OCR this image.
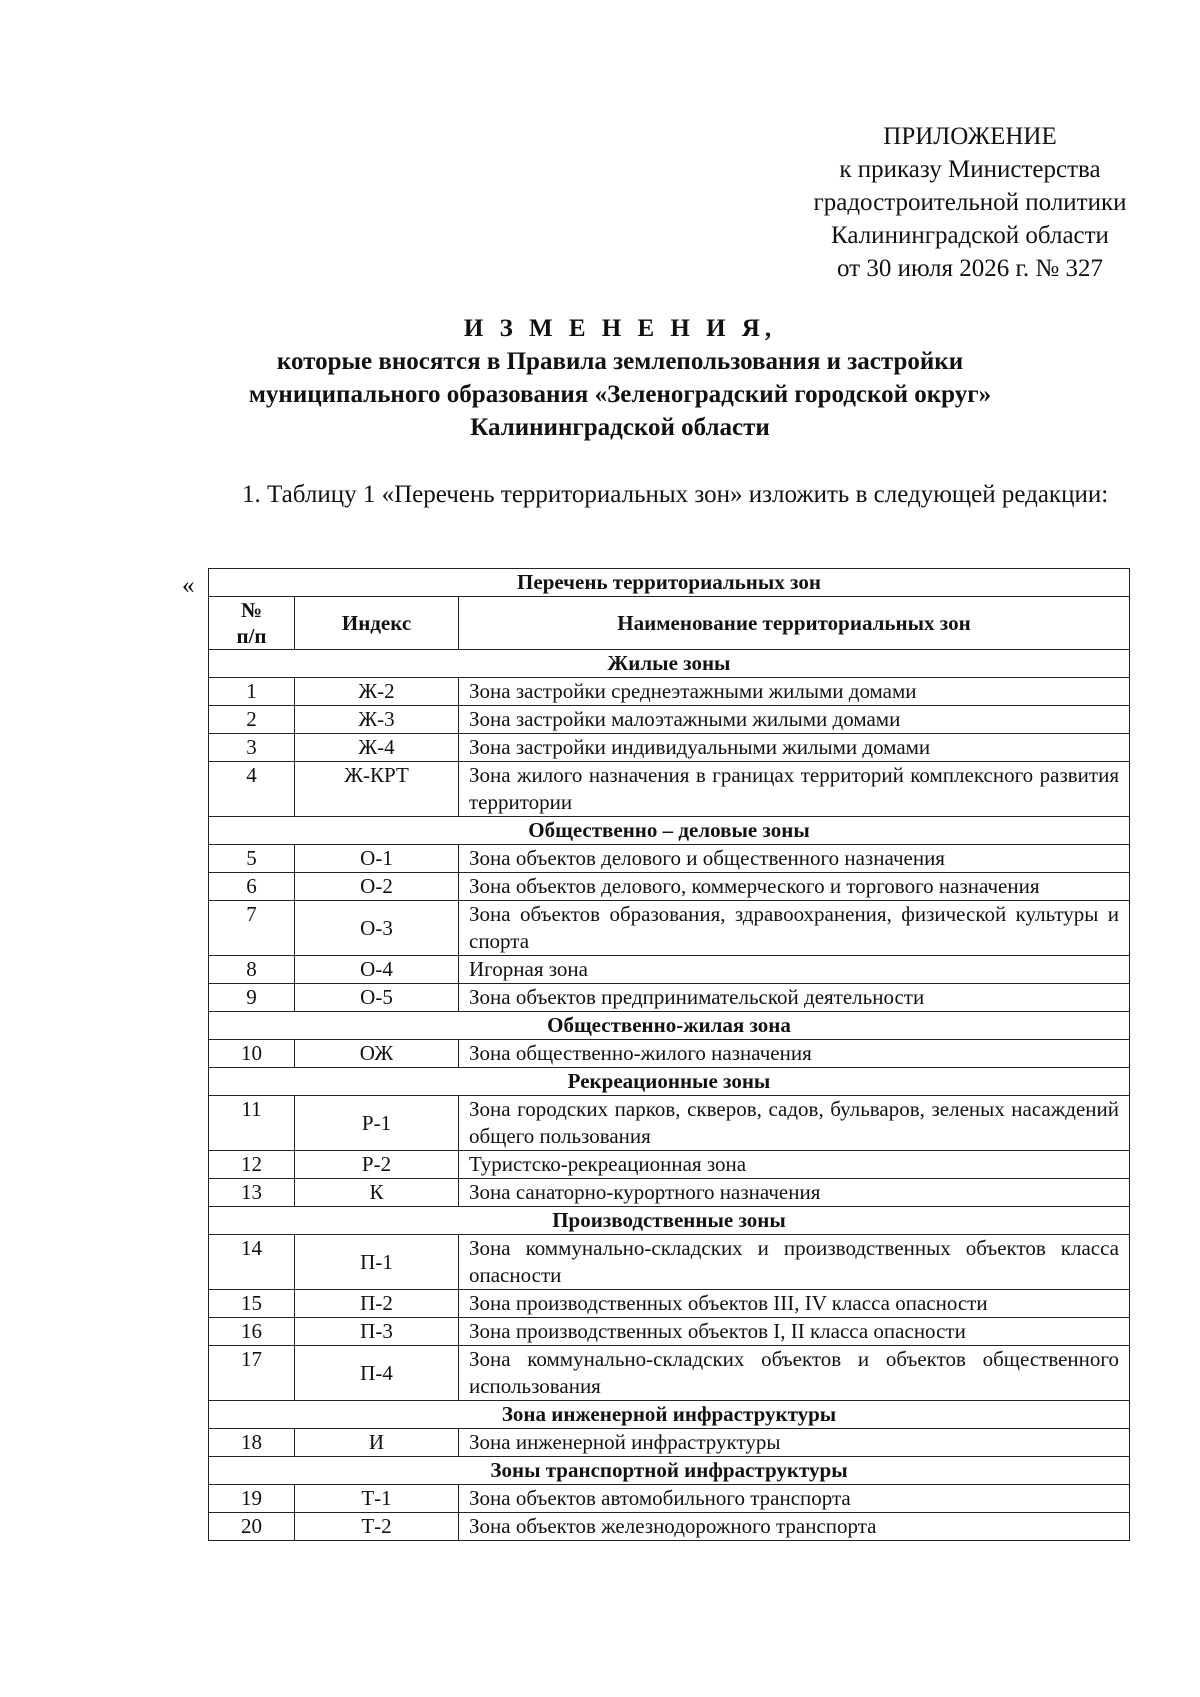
ПРИЛОЖЕНИЕ
к приказу Министерства
градостроительной политики
Калининградской области
от 30 июля 2026 г. № 327
И З М Е Н Е Н И Я,
которые вносятся в Правила землепользования и застройки
муниципального образования «Зеленоградский городской округ»
Калининградской области
1. Таблицу 1 «Перечень территориальных зон» изложить в следующей редакции:
«	Перечень территориальных зон		

№
п/п	Индекс	Наименование территориальных зон
Жилые зоны		
1	Ж-2	Зона застройки среднеэтажными жилыми домами
2	Ж-3	Зона застройки малоэтажными жилыми домами
3	Ж-4	Зона застройки индивидуальными жилыми домами
4	Ж-КРТ	Зона жилого назначения в границах территорий комплексного развития территории
Общественно – деловые зоны		
5	О-1	Зона объектов делового и общественного назначения
6	О-2	Зона объектов делового, коммерческого и торгового назначения
7	О-3	Зона объектов образования, здравоохранения, физической культуры и спорта
8	О-4	Игорная зона
9	О-5	Зона объектов предпринимательской деятельности
Общественно-жилая зона		
10	ОЖ	Зона общественно-жилого назначения
Рекреационные зоны		
11	Р-1	Зона городских парков, скверов, садов, бульваров, зеленых насаждений общего пользования
12	Р-2	Туристско-рекреационная зона
13	К	Зона санаторно-курортного назначения
Производственные зоны		
14	П-1	Зона коммунально-складских и производственных объектов класса опасности
15	П-2	Зона производственных объектов III, IV класса опасности
16	П-3	Зона производственных объектов I, II класса опасности
17	П-4	Зона коммунально-складских объектов и объектов общественного использования
Зона инженерной инфраструктуры		
18	И	Зона инженерной инфраструктуры
Зоны транспортной инфраструктуры		
19	Т-1	Зона объектов автомобильного транспорта
20	Т-2	Зона объектов железнодорожного транспорта
